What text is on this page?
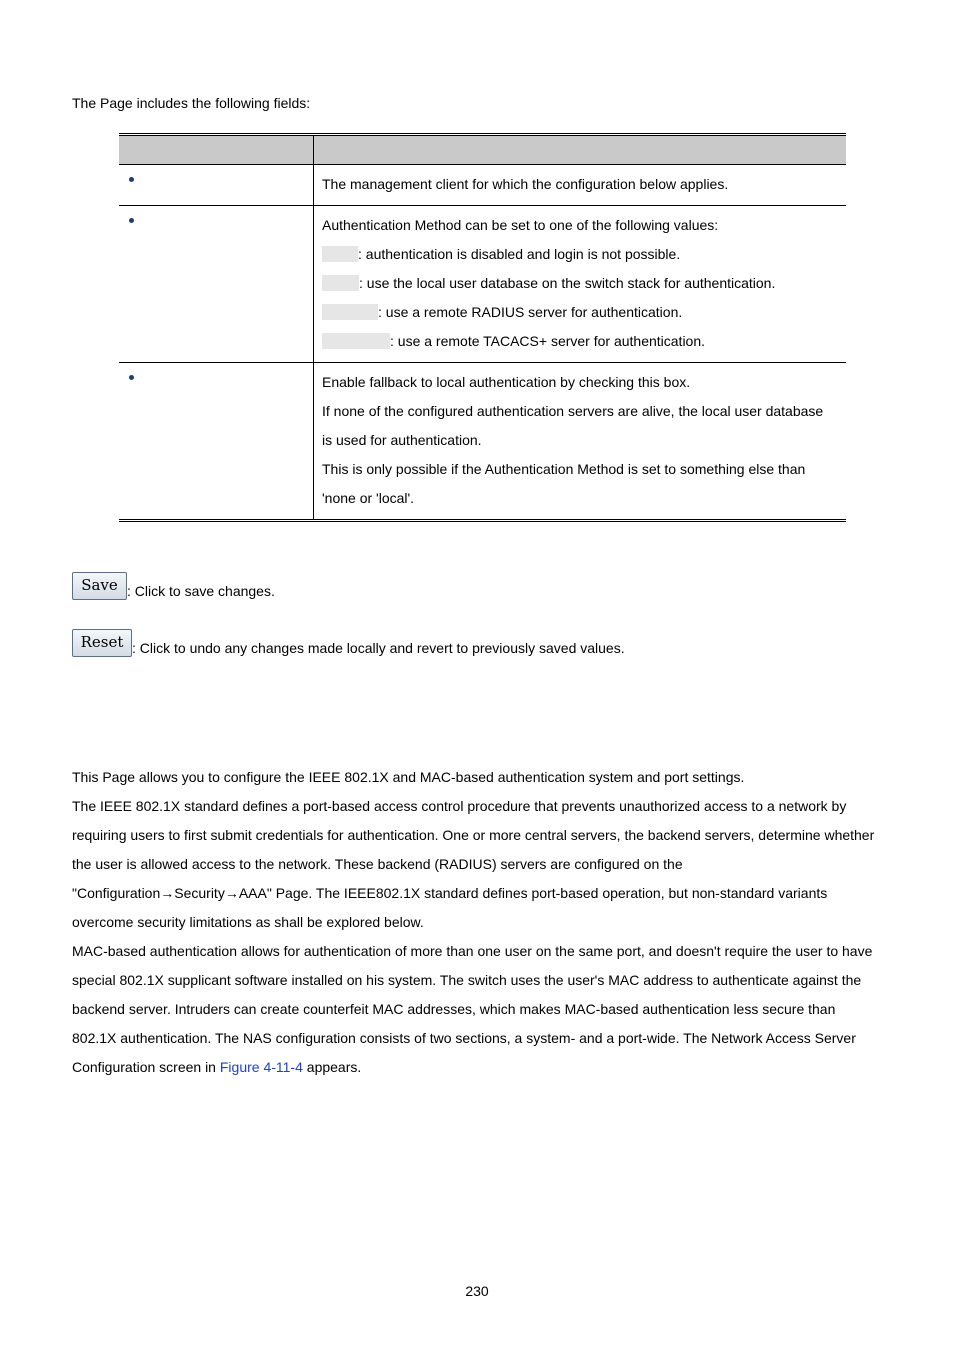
The Page includes the following fields:

	The management client for which the configuration below applies.

	Authentication Method can be set to one of the following values:
: authentication is disabled and login is not possible.
: use the local user database on the switch stack for authentication.
: use a remote RADIUS server for authentication.
: use a remote TACACS+ server for authentication.

	Enable fallback to local authentication by checking this box.
If none of the configured authentication servers are alive, the local user database
is used for authentication.
This is only possible if the Authentication Method is set to something else than
'none or 'local'.
Save : Click to save changes.
Reset : Click to undo any changes made locally and revert to previously saved values.

This Page allows you to configure the IEEE 802.1X and MAC-based authentication system and port settings.

The IEEE 802.1X standard defines a port-based access control procedure that prevents unauthorized access to a network by requiring users to first submit credentials for authentication. One or more central servers, the backend servers, determine whether the user is allowed access to the network. These backend (RADIUS) servers are configured on the "Configuration→Security→AAA" Page. The IEEE802.1X standard defines port-based operation, but non-standard variants overcome security limitations as shall be explored below.

MAC-based authentication allows for authentication of more than one user on the same port, and doesn't require the user to have special 802.1X supplicant software installed on his system. The switch uses the user's MAC address to authenticate against the backend server. Intruders can create counterfeit MAC addresses, which makes MAC-based authentication less secure than 802.1X authentication. The NAS configuration consists of two sections, a system- and a port-wide. The Network Access Server Configuration screen in Figure 4-11-4 appears.

230
